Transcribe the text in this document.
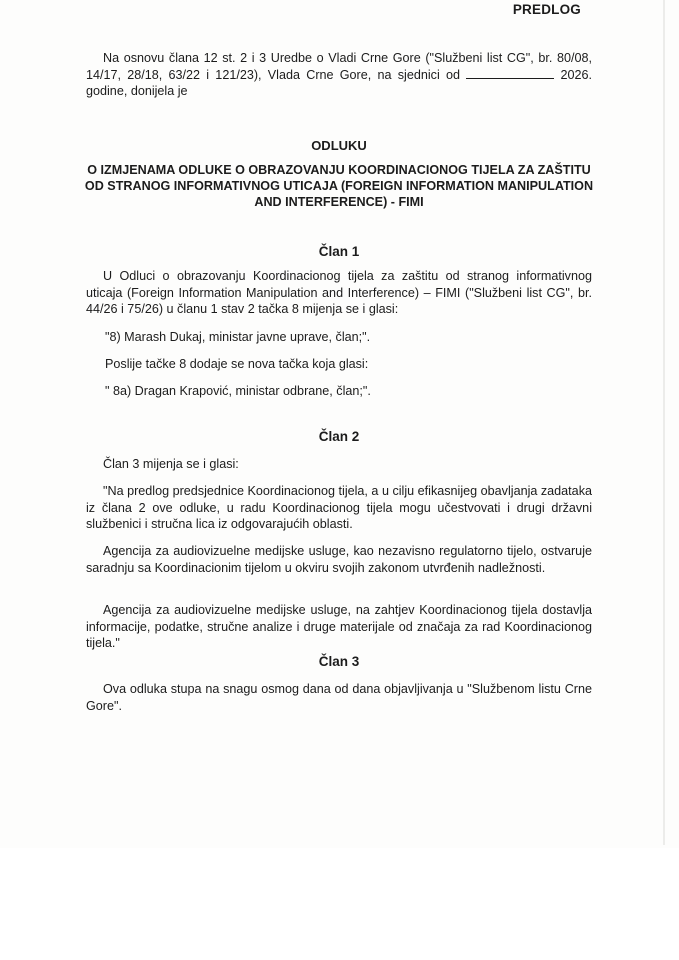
PREDLOG
Na osnovu člana 12 st. 2 i 3 Uredbe o Vladi Crne Gore ("Službeni list CG", br. 80/08, 14/17, 28/18, 63/22 i 121/23), Vlada Crne Gore, na sjednici od	2026. godine, donijela je
ODLUKU
O IZMJENAMA ODLUKE O OBRAZOVANJU KOORDINACIONOG TIJELA ZA ZAŠTITU OD STRANOG INFORMATIVNOG UTICAJA (FOREIGN INFORMATION MANIPULATION AND INTERFERENCE) - FIMI
Član 1
U Odluci o obrazovanju Koordinacionog tijela za zaštitu od stranog informativnog uticaja (Foreign Information Manipulation and Interference) – FIMI ("Službeni list CG", br. 44/26 i 75/26) u članu 1 stav 2 tačka 8 mijenja se i glasi:
"8) Marash Dukaj, ministar javne uprave, član;".
Poslije tačke 8 dodaje se nova tačka koja glasi:
" 8a) Dragan Krapović, ministar odbrane, član;".
Član 2
Član 3 mijenja se i glasi:
"Na predlog predsjednice Koordinacionog tijela, a u cilju efikasnijeg obavljanja zadataka iz člana 2 ove odluke, u radu Koordinacionog tijela mogu učestvovati i drugi državni službenici i stručna lica iz odgovarajućih oblasti.
Agencija za audiovizuelne medijske usluge, kao nezavisno regulatorno tijelo, ostvaruje saradnju sa Koordinacionim tijelom u okviru svojih zakonom utvrđenih nadležnosti.
Agencija za audiovizuelne medijske usluge, na zahtjev Koordinacionog tijela dostavlja informacije, podatke, stručne analize i druge materijale od značaja za rad Koordinacionog tijela."
Član 3
Ova odluka stupa na snagu osmog dana od dana objavljivanja u "Službenom listu Crne Gore".
